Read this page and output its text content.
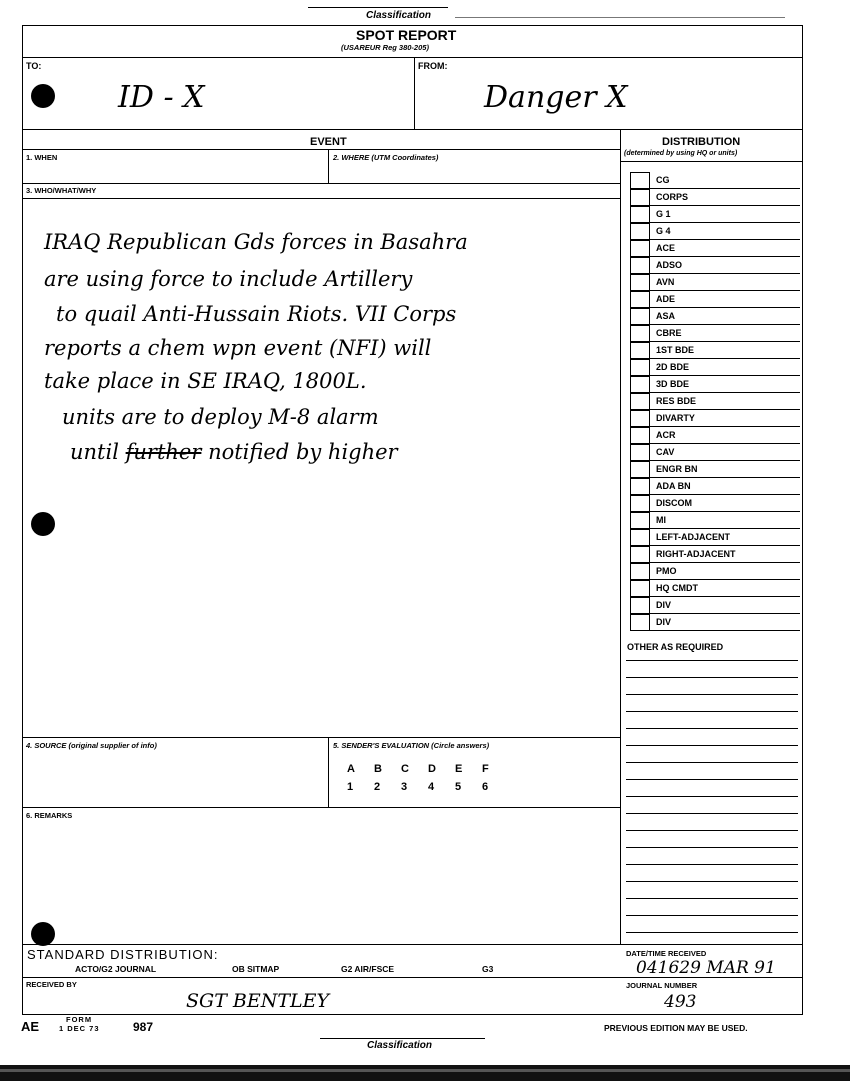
Classification
SPOT REPORT
(USAREUR Reg 380-205)
TO:	FROM:
ID - X	Danger X
EVENT
1. WHEN	2. WHERE (UTM Coordinates)
3. WHO/WHAT/WHY
IRAQ Republican Gds forces in Basahra
are using force to include Artillery
to quail Anti-Hussain Riots. VII Corps
reports a chem wpn event (NFI) will
take place in SE IRAQ, 1800L.
units are to deploy M-8 alarm
until further notified by higher
4. SOURCE (original supplier of info)	5. SENDER'S EVALUATION (Circle answers)
A B C D E F
1 2 3 4 5 6
6. REMARKS
DISTRIBUTION
(determined by using HQ or units)
CG
CORPS
G 1
G 4
ACE
ADSO
AVN
ADE
ASA
CBRE
1ST BDE
2D BDE
3D BDE
RES BDE
DIVARTY
ACR
CAV
ENGR BN
ADA BN
DISCOM
MI
LEFT-ADJACENT
RIGHT-ADJACENT
PMO
HQ CMDT
DIV
DIV
OTHER AS REQUIRED
STANDARD DISTRIBUTION:
ACTO/G2 JOURNAL	OB SITMAP	G2 AIR/FSCE	G3
DATE/TIME RECEIVED
041629 MAR 91
RECEIVED BY
SGT BENTLEY
JOURNAL NUMBER
493
AE	FORM
1 DEC 73	987	PREVIOUS EDITION MAY BE USED.
Classification
